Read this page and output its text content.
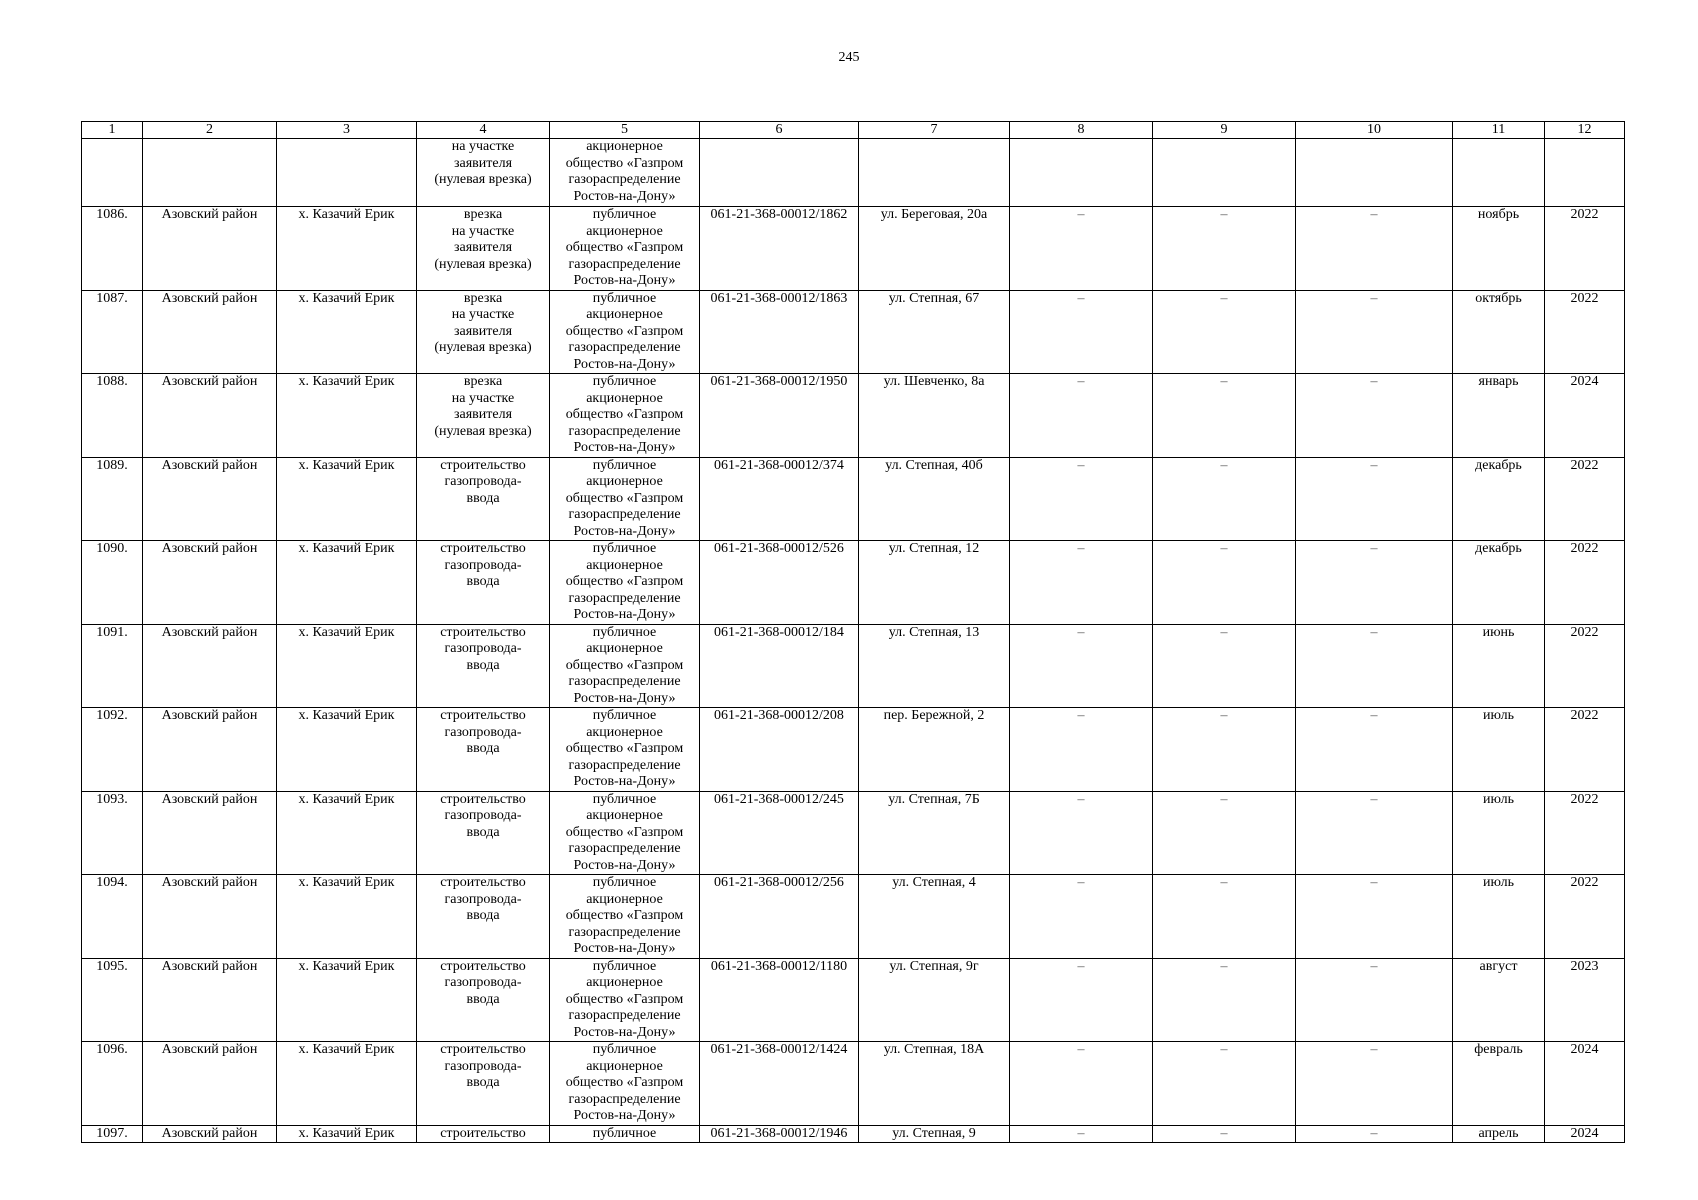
245
1	2	3	4	5	6	7	8	9	10	11	12
			на участке
заявителя
(нулевая врезка)	акционерное
общество «Газпром
газораспределение
Ростов-на-Дону»							
1086.	Азовский район	х. Казачий Ерик	врезка
на участке
заявителя
(нулевая врезка)	публичное
акционерное
общество «Газпром
газораспределение
Ростов-на-Дону»	061-21-368-00012/1862	ул. Береговая, 20а	–	–	–	ноябрь	2022
1087.	Азовский район	х. Казачий Ерик	врезка
на участке
заявителя
(нулевая врезка)	публичное
акционерное
общество «Газпром
газораспределение
Ростов-на-Дону»	061-21-368-00012/1863	ул. Степная, 67	–	–	–	октябрь	2022
1088.	Азовский район	х. Казачий Ерик	врезка
на участке
заявителя
(нулевая врезка)	публичное
акционерное
общество «Газпром
газораспределение
Ростов-на-Дону»	061-21-368-00012/1950	ул. Шевченко, 8а	–	–	–	январь	2024
1089.	Азовский район	х. Казачий Ерик	строительство
газопровода-
ввода	публичное
акционерное
общество «Газпром
газораспределение
Ростов-на-Дону»	061-21-368-00012/374	ул. Степная, 40б	–	–	–	декабрь	2022
1090.	Азовский район	х. Казачий Ерик	строительство
газопровода-
ввода	публичное
акционерное
общество «Газпром
газораспределение
Ростов-на-Дону»	061-21-368-00012/526	ул. Степная, 12	–	–	–	декабрь	2022
1091.	Азовский район	х. Казачий Ерик	строительство
газопровода-
ввода	публичное
акционерное
общество «Газпром
газораспределение
Ростов-на-Дону»	061-21-368-00012/184	ул. Степная, 13	–	–	–	июнь	2022
1092.	Азовский район	х. Казачий Ерик	строительство
газопровода-
ввода	публичное
акционерное
общество «Газпром
газораспределение
Ростов-на-Дону»	061-21-368-00012/208	пер. Бережной, 2	–	–	–	июль	2022
1093.	Азовский район	х. Казачий Ерик	строительство
газопровода-
ввода	публичное
акционерное
общество «Газпром
газораспределение
Ростов-на-Дону»	061-21-368-00012/245	ул. Степная, 7Б	–	–	–	июль	2022
1094.	Азовский район	х. Казачий Ерик	строительство
газопровода-
ввода	публичное
акционерное
общество «Газпром
газораспределение
Ростов-на-Дону»	061-21-368-00012/256	ул. Степная, 4	–	–	–	июль	2022
1095.	Азовский район	х. Казачий Ерик	строительство
газопровода-
ввода	публичное
акционерное
общество «Газпром
газораспределение
Ростов-на-Дону»	061-21-368-00012/1180	ул. Степная, 9г	–	–	–	август	2023
1096.	Азовский район	х. Казачий Ерик	строительство
газопровода-
ввода	публичное
акционерное
общество «Газпром
газораспределение
Ростов-на-Дону»	061-21-368-00012/1424	ул. Степная, 18А	–	–	–	февраль	2024
1097.	Азовский район	х. Казачий Ерик	строительство	публичное	061-21-368-00012/1946	ул. Степная, 9	–	–	–	апрель	2024
